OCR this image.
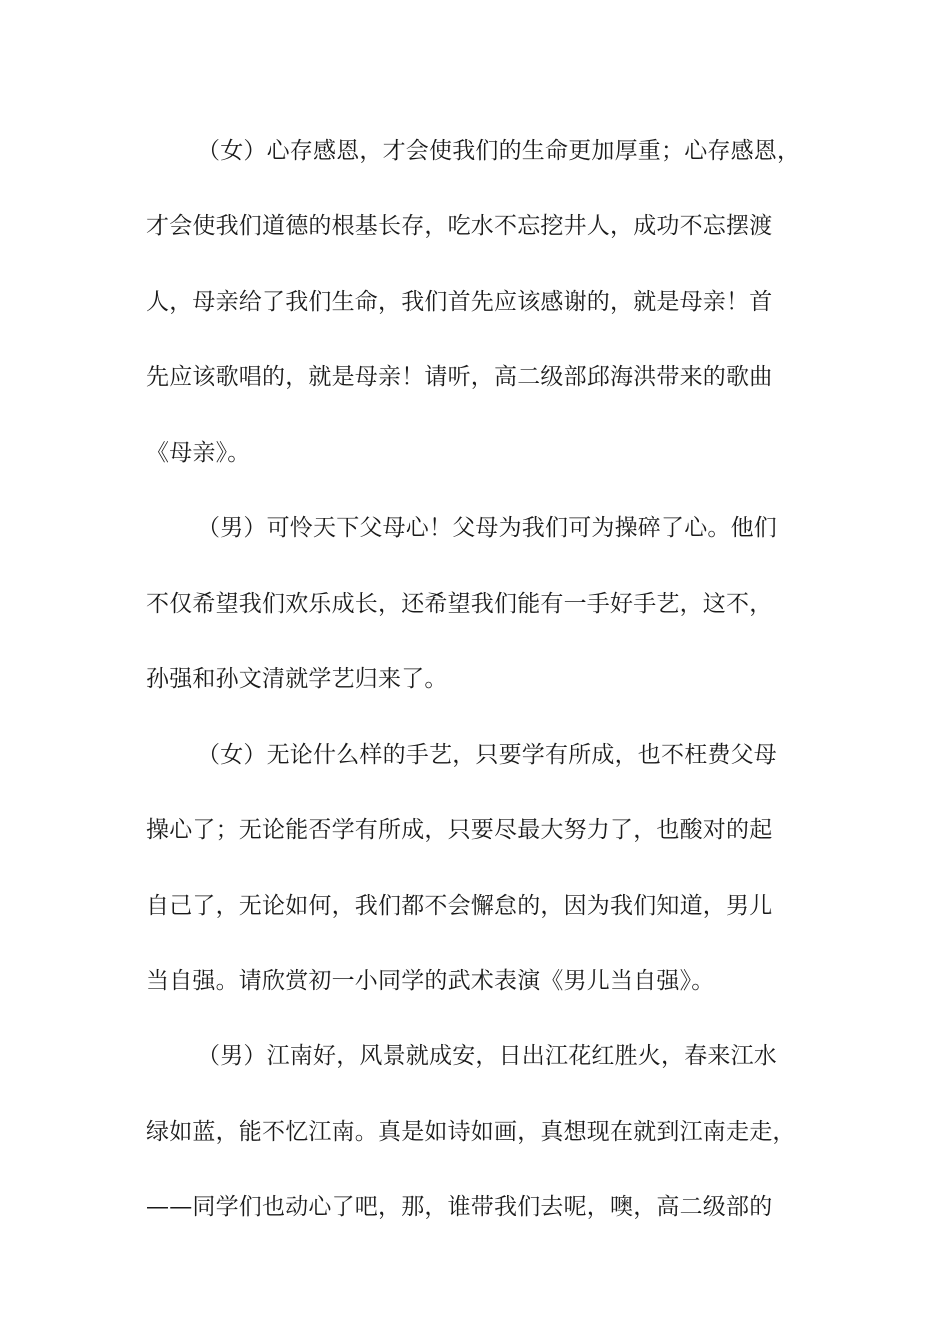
（女）心存感恩，才会使我们的生命更加厚重；心存感恩，
才会使我们道德的根基长存，吃水不忘挖井人，成功不忘摆渡
人，母亲给了我们生命，我们首先应该感谢的，就是母亲！首
先应该歌唱的，就是母亲！请听，高二级部邱海洪带来的歌曲
《母亲》。
（男）可怜天下父母心！父母为我们可为操碎了心。他们
不仅希望我们欢乐成长，还希望我们能有一手好手艺，这不，
孙强和孙文清就学艺归来了。
（女）无论什么样的手艺，只要学有所成，也不枉费父母
操心了；无论能否学有所成，只要尽最大努力了，也酸对的起
自己了，无论如何，我们都不会懈怠的，因为我们知道，男儿
当自强。请欣赏初一小同学的武术表演《男儿当自强》。
（男）江南好，风景就成安，日出江花红胜火，春来江水
绿如蓝，能不忆江南。真是如诗如画，真想现在就到江南走走，
——同学们也动心了吧，那，谁带我们去呢，噢，高二级部的
